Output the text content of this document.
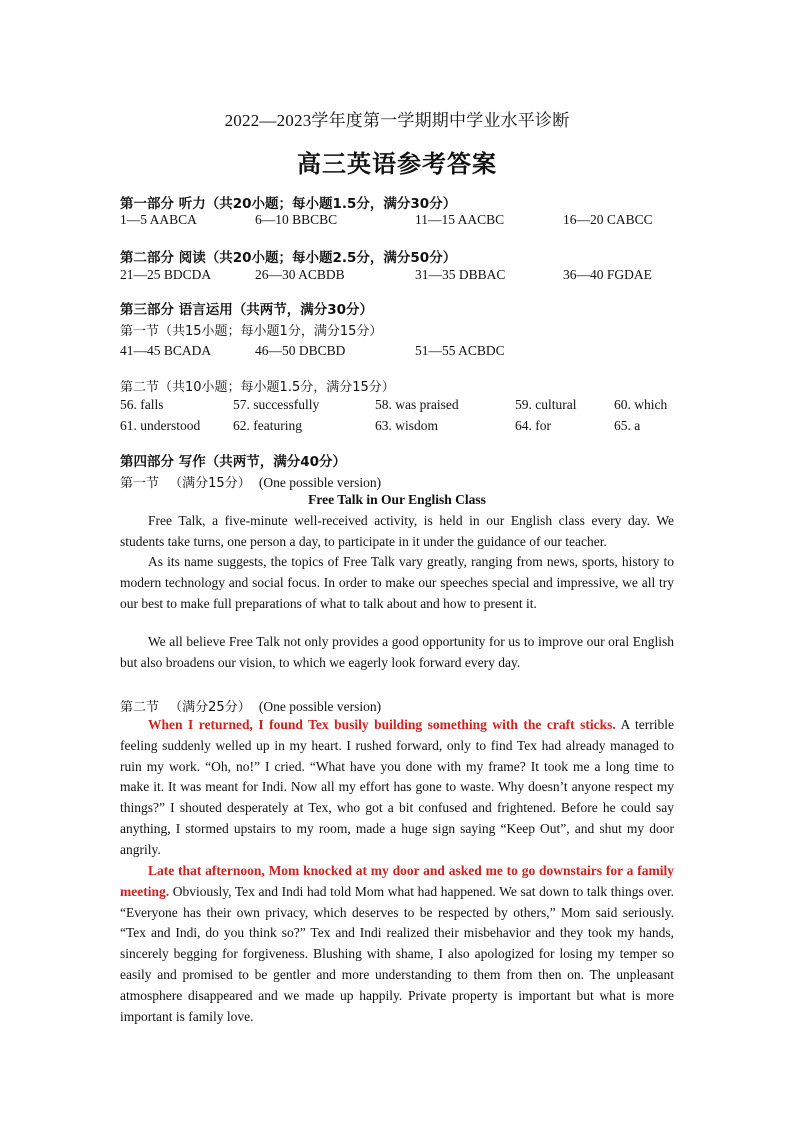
2022—2023学年度第一学期期中学业水平诊断
高三英语参考答案
第一部分 听力（共20小题；每小题1.5分，满分30分）
1—5 AABCA	6—10 BBCBC	11—15 AACBC	16—20 CABCC
第二部分 阅读（共20小题；每小题2.5分，满分50分）
21—25 BDCDA	26—30 ACBDB	31—35 DBBAC	36—40 FGDAE
第三部分 语言运用（共两节，满分30分）
第一节（共15小题；每小题1分，满分15分）
41—45 BCADA	46—50 DBCBD	51—55 ACBDC
第二节（共10小题；每小题1.5分，满分15分）
56. falls	57. successfully	58. was praised	59. cultural	60. which
61. understood 62. featuring	63. wisdom	64. for	65. a
第四部分 写作（共两节，满分40分）
第一节 （满分15分） (One possible version)
Free Talk in Our English Class

Free Talk, a five-minute well-received activity, is held in our English class every day. We students take turns, one person a day, to participate in it under the guidance of our teacher.

As its name suggests, the topics of Free Talk vary greatly, ranging from news, sports, history to modern technology and social focus. In order to make our speeches special and impressive, we all try our best to make full preparations of what to talk about and how to present it.

We all believe Free Talk not only provides a good opportunity for us to improve our oral English but also broadens our vision, to which we eagerly look forward every day.

第二节 （满分25分） (One possible version)

When I returned, I found Tex busily building something with the craft sticks. A terrible feeling suddenly welled up in my heart. I rushed forward, only to find Tex had already managed to ruin my work. “Oh, no!” I cried. “What have you done with my frame? It took me a long time to make it. It was meant for Indi. Now all my effort has gone to waste. Why doesn’t anyone respect my things?” I shouted desperately at Tex, who got a bit confused and frightened. Before he could say anything, I stormed upstairs to my room, made a huge sign saying “Keep Out”, and shut my door angrily.

Late that afternoon, Mom knocked at my door and asked me to go downstairs for a family meeting. Obviously, Tex and Indi had told Mom what had happened. We sat down to talk things over. “Everyone has their own privacy, which deserves to be respected by others,” Mom said seriously. “Tex and Indi, do you think so?” Tex and Indi realized their misbehavior and they took my hands, sincerely begging for forgiveness. Blushing with shame, I also apologized for losing my temper so easily and promised to be gentler and more understanding to them from then on. The unpleasant atmosphere disappeared and we made up happily. Private property is important but what is more important is family love.
